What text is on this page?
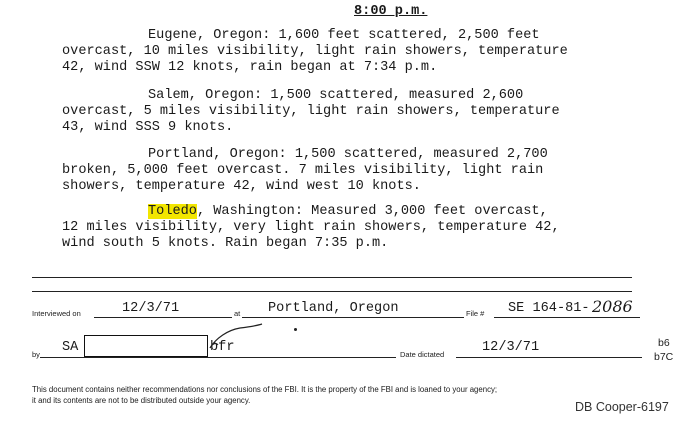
8:00 p.m.
Eugene, Oregon: 1,600 feet scattered, 2,500 feet
overcast, 10 miles visibility, light rain showers, temperature
42, wind SSW 12 knots, rain began at 7:34 p.m.
Salem, Oregon: 1,500 scattered, measured 2,600
overcast, 5 miles visibility, light rain showers, temperature
43, wind SSS 9 knots.
Portland, Oregon: 1,500 scattered, measured 2,700
broken, 5,000 feet overcast. 7 miles visibility, light rain
showers, temperature 42, wind west 10 knots.
Toledo, Washington: Measured 3,000 feet overcast,
12 miles visibility, very light rain showers, temperature 42,
wind south 5 knots. Rain began 7:35 p.m.
Interviewed on	12/3/71	at Portland, Oregon	File # SE 164-81- 2086
by SA	bfr	Date dictated	12/3/71
This document contains neither recommendations nor conclusions of the FBI. It is the property of the FBI and is loaned to your agency;
it and its contents are not to be distributed outside your agency.
b6
b7C
DB Cooper-6197
